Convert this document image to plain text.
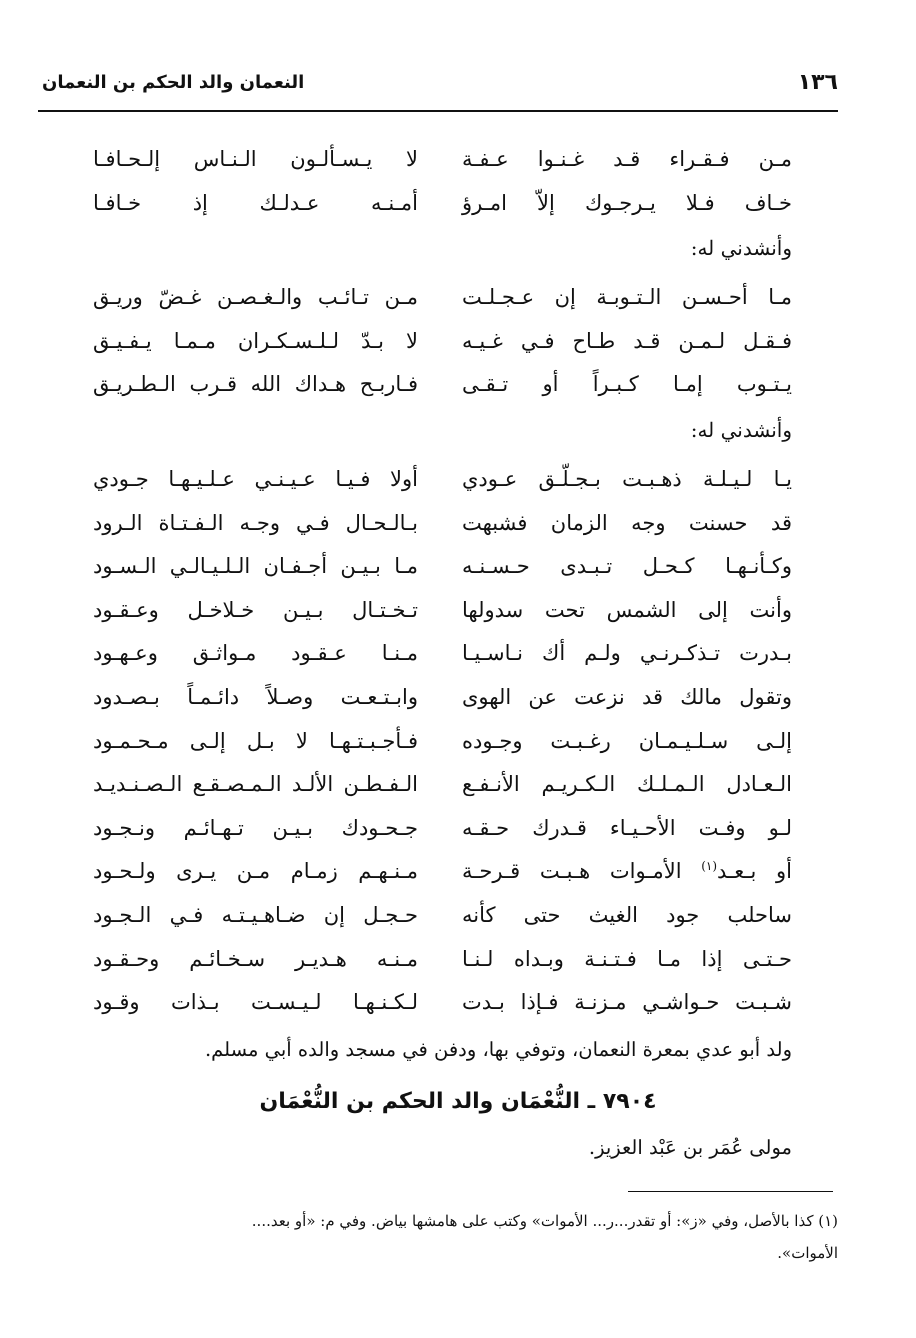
١٣٦
النعمان والد الحكم بن النعمان
مـن فـقـراء قـد غـنـوا عـفـة
لا يـسـألـون الـنـاس إلـحـافـا
خـاف فـلا يـرجـوك إلاّ امـرؤ
أمـنـه عـدلـك إذ خـافـا
وأنشدني له:
مـا أحـسـن الـتـوبـة إن عـجـلـت
مـن تـائـب والـغـصـن غـضّ وريـق
فـقـل لـمـن قـد طـاح فـي غـيـه
لا بـدّ لـلـسـكـران مـمـا يـفـيـق
يـتـوب إمـا كـبـراً أو تـقـى
فـاربـح هـداك الله قـرب الـطـريـق
وأنشدني له:
يـا لـيـلـة ذهـبـت بـجـلّـق عـودي
أولا فـيـا عـيـنـي عـلـيـهـا جـودي
قد حسنت وجه الزمان فشبهت
بـالـحـال فـي وجـه الـفـتـاة الـرود
وكـأنـهـا كـحـل تـبـدى حـسـنـه
مـا بـيـن أجـفـان الـلـيـالـي الـسـود
وأنت إلى الشمس تحت سدولها
تـخـتـال بـيـن خـلاخـل وعـقـود
بـدرت تـذكـرنـي ولـم أك نـاسـيـا
مـنـا عـقـود مـواثـق وعـهـود
وتقول مالك قد نزعت عن الهوى
وابـتـعـت وصـلاً دائـمـاً بـصـدود
إلـى سـلـيـمـان رغـبـت وجـوده
فـأجـبـتـهـا لا بـل إلـى مـحـمـود
الـعـادل الـمـلـك الـكـريـم الأنـفـع
الـفـطـن الألـد الـمـصـقـع الـصـنـديـد
لـو وفـت الأحـيـاء قـدرك حـقـه
جـحـودك بـيـن تـهـائـم ونـجـود
أو بـعـد$^{(١)}$ الأمـوات هـبـت قـرحـة
مـنـهـم زمـام مـن يـرى ولـحـود
ساحلب جود الغيث حتى كأنه
حـجـل إن ضـاهـيـتـه فـي الـجـود
حـتـى إذا مـا فـتـنـة وبـداه لـنـا
مـنـه هـديـر سـخـائـم وحـقـود
شـبـت حـواشـي مـزنـة فـإذا بـدت
لـكـنـهـا لـيـسـت بـذات وقـود
ولد أبو عدي بمعرة النعمان، وتوفي بها، ودفن في مسجد والده أبي مسلم.
٧٩٠٤ ـ النُّعْمَان والد الحكم بن النُّعْمَان
مولى عُمَر بن عَبْد العزيز.
(١) كذا بالأصل، وفي «ز»: أو تقدر...ر... الأموات» وكتب على هامشها بياض. وفي م: «أو بعد....
الأموات».
